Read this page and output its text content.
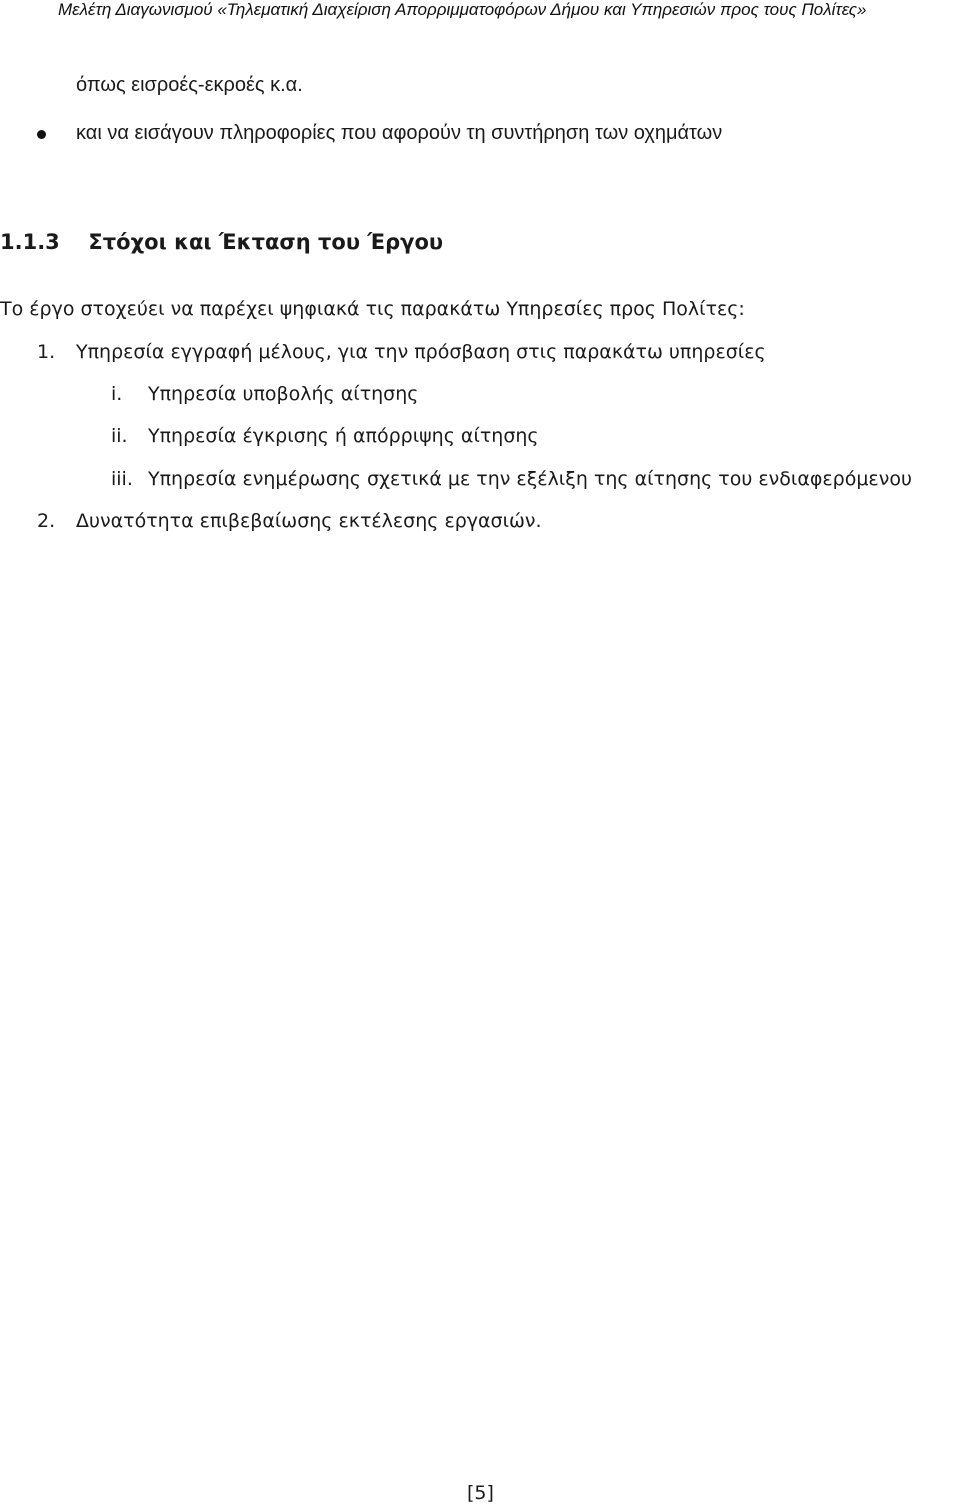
Μελέτη Διαγωνισμού «Τηλεματική Διαχείριση Απορριμματοφόρων Δήμου και Υπηρεσιών προς τους Πολίτες»
όπως εισροές-εκροές κ.α.
και να εισάγουν πληροφορίες που αφορούν τη συντήρηση των οχημάτων
1.1.3 Στόχοι και Έκταση του Έργου
Το έργο στοχεύει να παρέχει ψηφιακά τις παρακάτω Υπηρεσίες προς Πολίτες:
1. Υπηρεσία εγγραφή μέλους, για την πρόσβαση στις παρακάτω υπηρεσίες
i. Υπηρεσία υποβολής αίτησης
ii. Υπηρεσία έγκρισης ή απόρριψης αίτησης
iii. Υπηρεσία ενημέρωσης σχετικά με την εξέλιξη της αίτησης του ενδιαφερόμενου
2. Δυνατότητα επιβεβαίωσης εκτέλεσης εργασιών.
[5]
